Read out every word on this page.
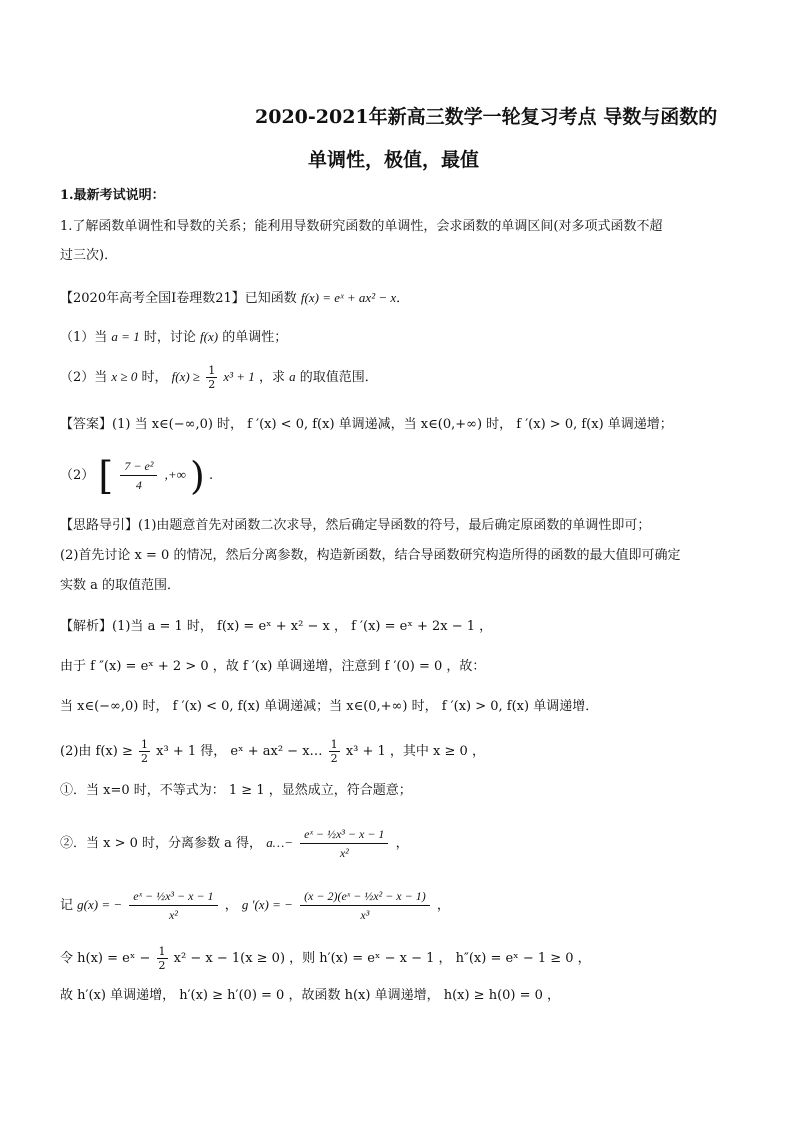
2020-2021年新高三数学一轮复习考点 导数与函数的
单调性，极值，最值
1.最新考试说明：
1.了解函数单调性和导数的关系；能利用导数研究函数的单调性，会求函数的单调区间(对多项式函数不超
过三次)．
【2020年高考全国Ⅰ卷理数21】已知函数 f(x) = eˣ + ax² − x．
（1）当 a = 1 时，讨论 f(x) 的单调性；
（2）当 x ≥ 0 时， $f(x) \ge \frac{1}{2} x^3 + 1$ ，求 a 的取值范围．
【答案】(1) 当 x∈(−∞,0) 时， f ′(x) < 0, f(x) 单调递减，当 x∈(0,+∞) 时， f ′(x) > 0, f(x) 单调递增；
（2） [ $\frac{\text{7 − e²}}{4}$ ,+∞ ) .
【思路导引】(1)由题意首先对函数二次求导，然后确定导函数的符号，最后确定原函数的单调性即可；
(2)首先讨论 x = 0 的情况，然后分离参数，构造新函数，结合导函数研究构造所得的函数的最大值即可确定
实数 a 的取值范围．
【解析】(1)当 a = 1 时， f(x) = eˣ + x² − x ， f ′(x) = eˣ + 2x − 1 ，
由于 f ″(x) = eˣ + 2 > 0 ，故 f ′(x) 单调递增，注意到 f ′(0) = 0 ，故：
当 x∈(−∞,0) 时， f ′(x) < 0, f(x) 单调递减；当 x∈(0,+∞) 时， f ′(x) > 0, f(x) 单调递增．
(2)由 $f(x) \ge \frac{1}{2} x^3 + 1$ 得， eˣ + ax² − x… $\frac{1}{2} x^3 + 1$ ，其中 x ≥ 0 ，
①．当 x=0 时，不等式为： 1 ≥ 1 ，显然成立，符合题意；
②．当 x > 0 时，分离参数 a 得， a…− $\frac{\text{eˣ − ½x³ − x − 1}}{\text{x²}}$ ，
记 g(x) = − $\frac{\text{eˣ − ½x³ − x − 1}}{\text{x²}}$ ， g ′(x) = − $\frac{\text{(x − 2)(eˣ − ½x² − x − 1)}}{\text{x³}}$ ，
令 h(x) = eˣ − $\frac{1}{2} x^2 - x - 1(x \ge 0)$ ，则 h′(x) = eˣ − x − 1 ， h″(x) = eˣ − 1 ≥ 0 ，
故 h′(x) 单调递增， h′(x) ≥ h′(0) = 0 ，故函数 h(x) 单调递增， h(x) ≥ h(0) = 0 ，
